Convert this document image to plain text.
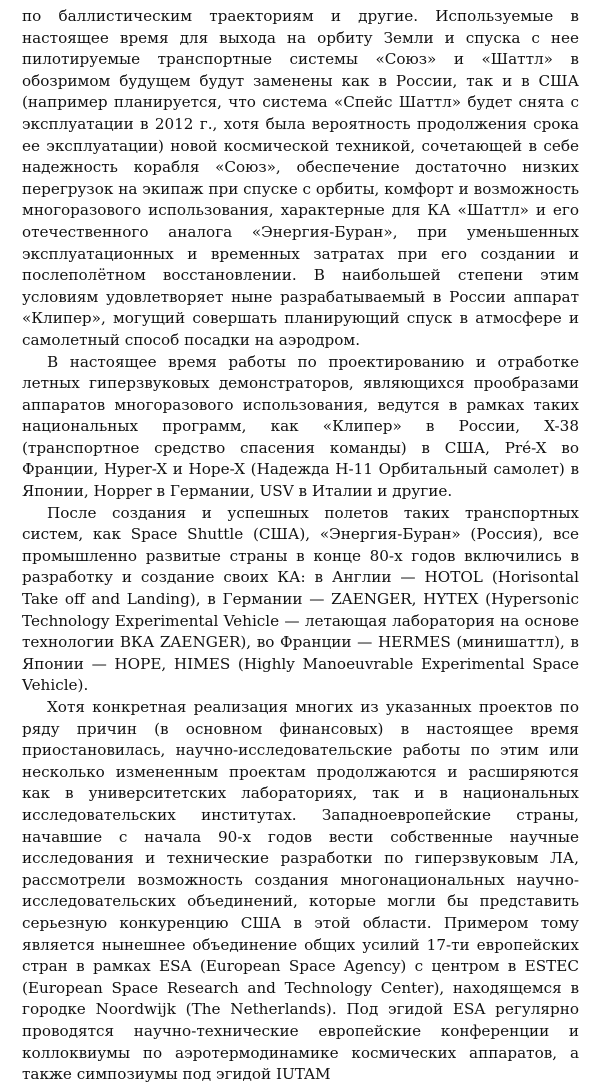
по баллистическим траекториям и другие. Используемые в настоящее время для выхода на орбиту Земли и спуска с нее пилотируемые транспортные системы «Союз» и «Шаттл» в обозримом будущем будут заменены как в России, так и в США (например планируется, что система «Спейс Шаттл» будет снята с эксплуатации в 2012 г., хотя была вероятность продолжения срока ее эксплуатации) новой космической техникой, сочетающей в себе надежность корабля «Союз», обеспечение достаточно низких перегрузок на экипаж при спуске с орбиты, комфорт и возможность многоразового использования, характерные для КА «Шаттл» и его отечественного аналога «Энергия-Буран», при уменьшенных эксплуатационных и временных затратах при его создании и послеполётном восстановлении. В наибольшей степени этим условиям удовлетворяет ныне разрабатываемый в России аппарат «Клипер», могущий совершать планирующий спуск в атмосфере и самолетный способ посадки на аэродром.

В настоящее время работы по проектированию и отработке летных гиперзвуковых демонстраторов, являющихся прообразами аппаратов многоразового использования, ведутся в рамках таких национальных программ, как «Клипер» в России, X-38 (транспортное средство спасения команды) в США, Pré-X во Франции, Hyper-X и Hope-X (Надежда H-11 Орбитальный самолет) в Японии, Hopper в Германии, USV в Италии и другие.

После создания и успешных полетов таких транспортных систем, как Space Shuttle (США), «Энергия-Буран» (Россия), все промышленно развитые страны в конце 80-х годов включились в разработку и создание своих КА: в Англии — HOTOL (Horisontal Take off and Landing), в Германии — ZAENGER, HYTEX (Hypersonic Technology Experimental Vehicle — летающая лаборатория на основе технологии ВКА ZAENGER), во Франции — HERMES (минишаттл), в Японии — HOPE, HIMES (Highly Manoeuvrable Experimental Space Vehicle).

Хотя конкретная реализация многих из указанных проектов по ряду причин (в основном финансовых) в настоящее время приостановилась, научно-исследовательские работы по этим или несколько измененным проектам продолжаются и расширяются как в университетских лабораториях, так и в национальных исследовательских институтах. Западноевропейские страны, начавшие с начала 90-х годов вести собственные научные исследования и технические разработки по гиперзвуковым ЛА, рассмотрели возможность создания многонациональных научно-исследовательских объединений, которые могли бы представить серьезную конкуренцию США в этой области. Примером тому является нынешнее объединение общих усилий 17-ти европейских стран в рамках ESA (European Space Agency) с центром в ESTEC (European Space Research and Technology Center), находящемся в городке Noordwijk (The Netherlands). Под эгидой ESA регулярно проводятся научно-технические европейские конференции и коллоквиумы по аэротермодинамике космических аппаратов, а также симпозиумы под эгидой IUTAM
